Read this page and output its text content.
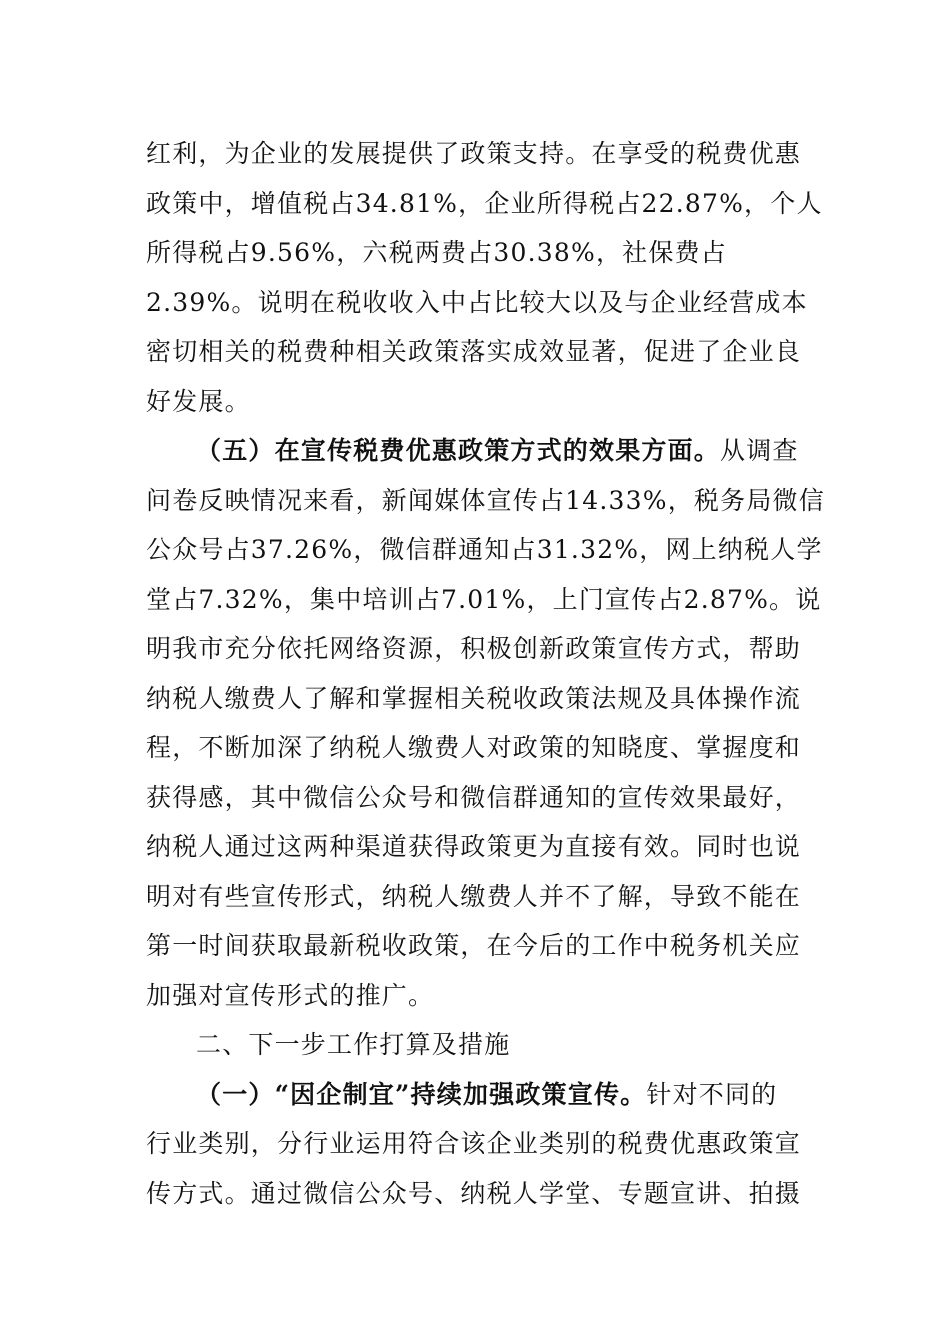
红利，为企业的发展提供了政策支持。在享受的税费优惠
政策中，增值税占34.81%，企业所得税占22.87%，个人
所得税占9.56%，六税两费占30.38%，社保费占
2.39%。说明在税收收入中占比较大以及与企业经营成本
密切相关的税费种相关政策落实成效显著，促进了企业良
好发展。
（五）在宣传税费优惠政策方式的效果方面。从调查
问卷反映情况来看，新闻媒体宣传占14.33%，税务局微信
公众号占37.26%，微信群通知占31.32%，网上纳税人学
堂占7.32%，集中培训占7.01%，上门宣传占2.87%。说
明我市充分依托网络资源，积极创新政策宣传方式，帮助
纳税人缴费人了解和掌握相关税收政策法规及具体操作流
程，不断加深了纳税人缴费人对政策的知晓度、掌握度和
获得感，其中微信公众号和微信群通知的宣传效果最好，
纳税人通过这两种渠道获得政策更为直接有效。同时也说
明对有些宣传形式，纳税人缴费人并不了解，导致不能在
第一时间获取最新税收政策，在今后的工作中税务机关应
加强对宣传形式的推广。
二、下一步工作打算及措施
（一）“因企制宜”持续加强政策宣传。针对不同的
行业类别，分行业运用符合该企业类别的税费优惠政策宣
传方式。通过微信公众号、纳税人学堂、专题宣讲、拍摄
